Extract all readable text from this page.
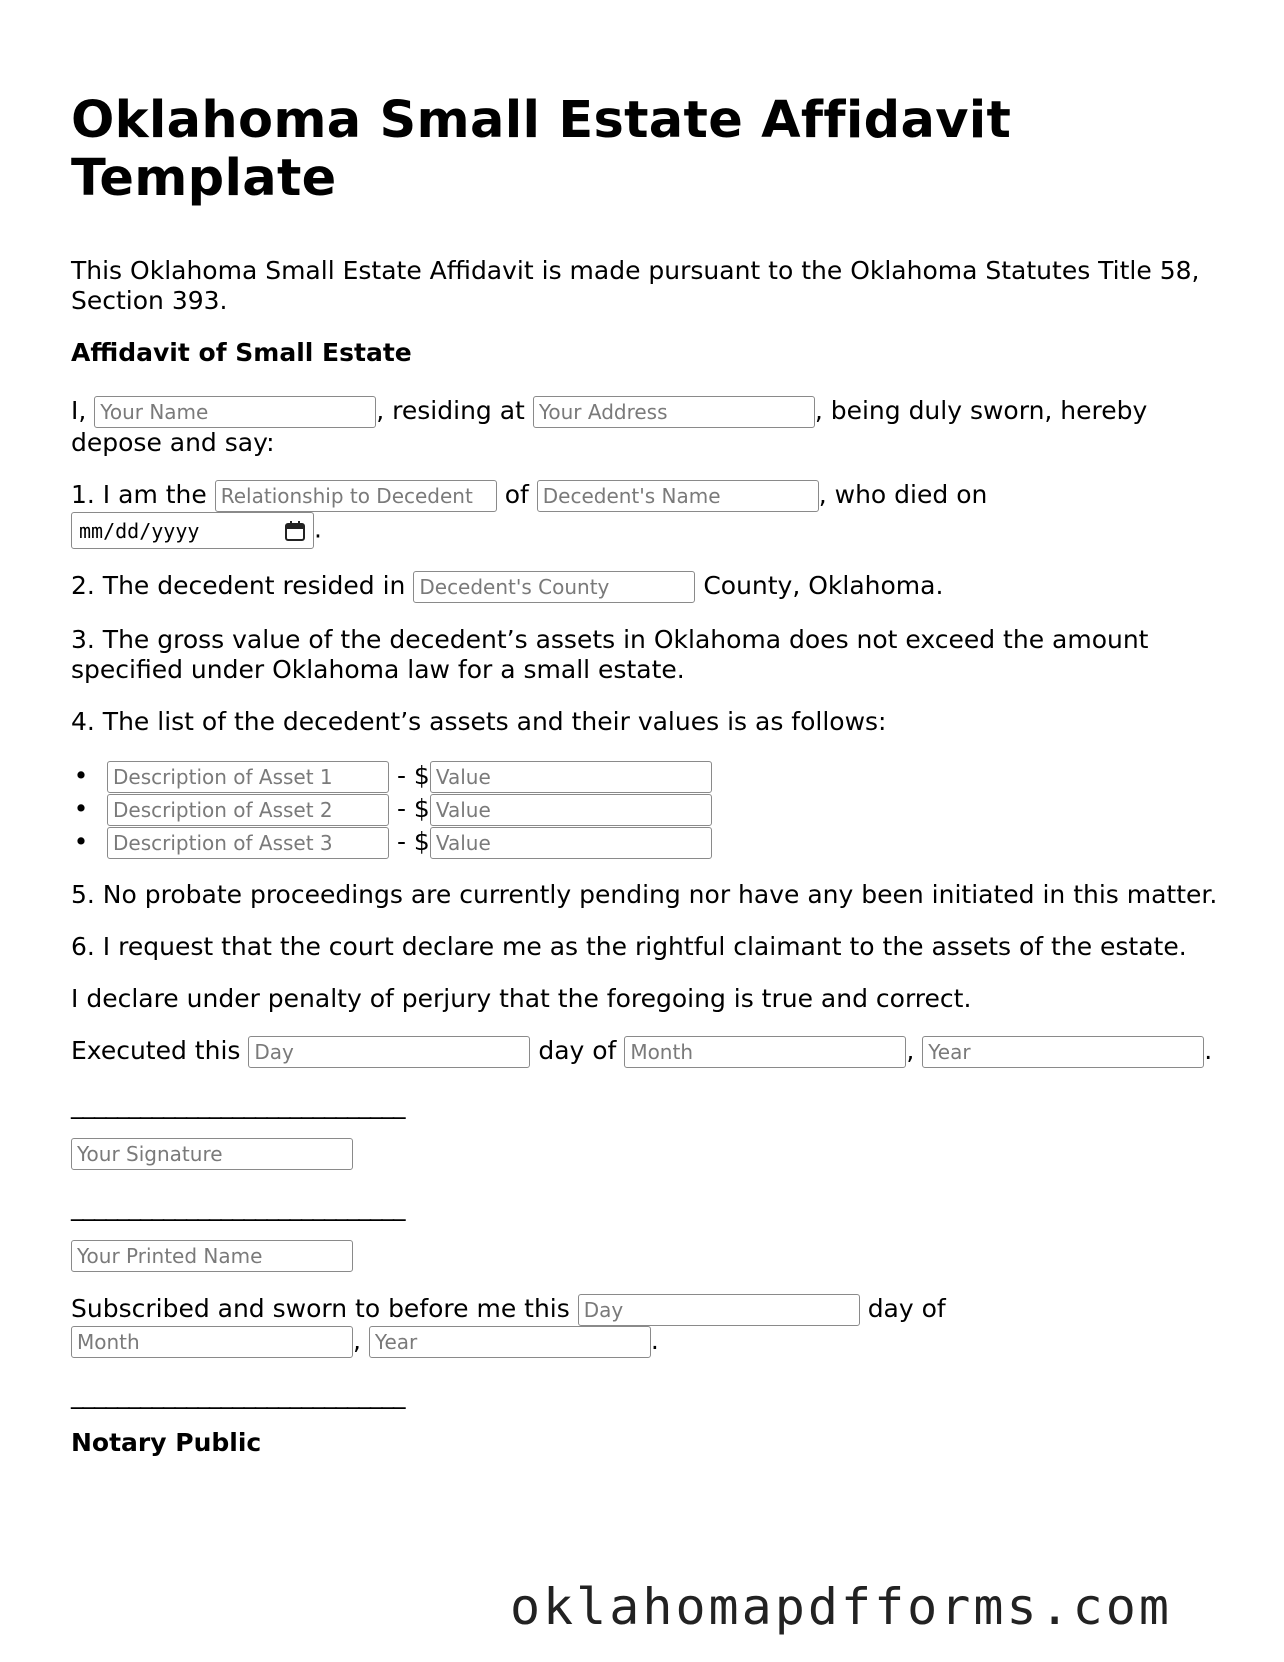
Oklahoma Small Estate Affidavit Template

This Oklahoma Small Estate Affidavit is made pursuant to the Oklahoma Statutes Title 58, Section 393.

Affidavit of Small Estate

I, Your Name	, residing at Your Address	, being duly sworn, hereby depose and say:

1. I am the Relationship to Decedent	of Decedent's Name	, who died on

mm/dd/yyyy	.

2. The decedent resided in Decedent's County	County, Oklahoma.

3. The gross value of the decedent’s assets in Oklahoma does not exceed the amount specified under Oklahoma law for a small estate.

4. The list of the decedent’s assets and their values is as follows:

•
Description of Asset 1	- $Value
•
Description of Asset 2	- $Value
•
Description of Asset 3	- $Value

5. No probate proceedings are currently pending nor have any been initiated in this matter.

6. I request that the court declare me as the rightful claimant to the assets of the estate.

I declare under penalty of perjury that the foregoing is true and correct.

Executed this Day	day of Month	, Year	.

_____________________________

Your Signature

_____________________________

Your Printed Name

Subscribed and sworn to before me this Day	day of
Month, Year	.

_____________________________

Notary Public

oklahomapdfforms.com
